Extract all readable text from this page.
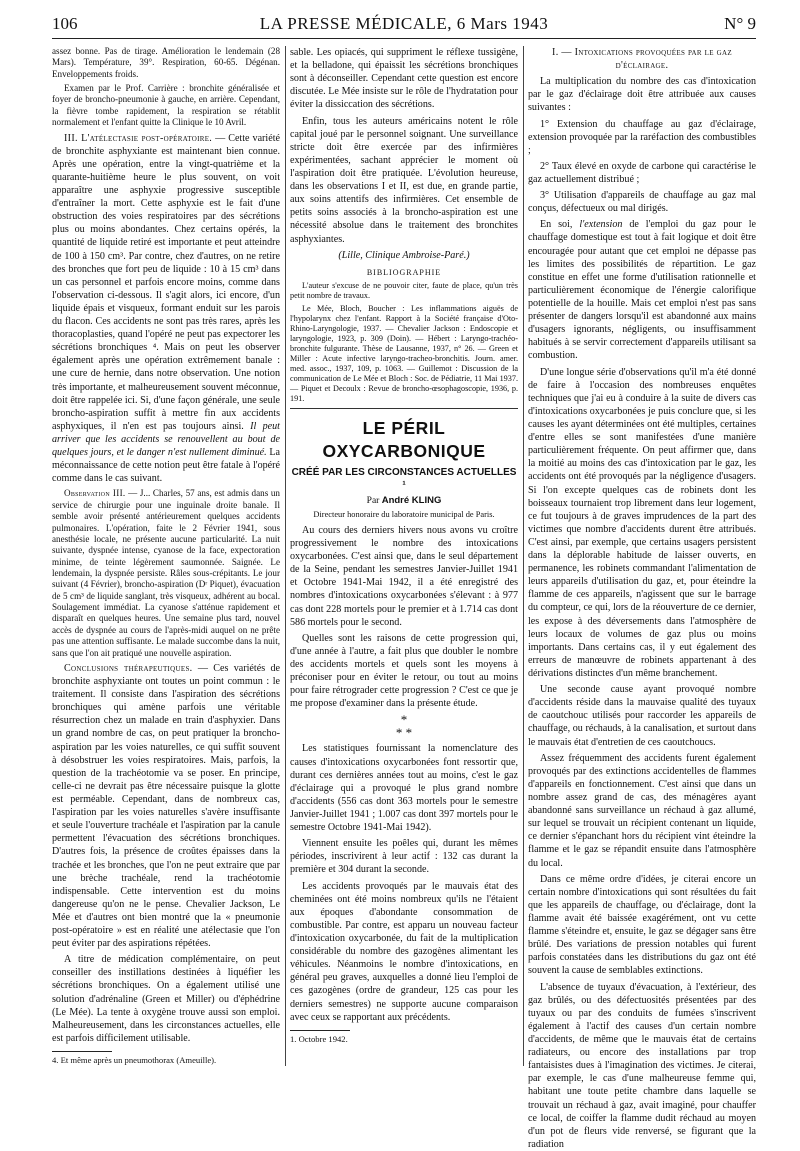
106	LA PRESSE MÉDICALE, 6 Mars 1943	N° 9

assez bonne. Pas de tirage. Amélioration le lendemain (28 Mars). Température, 39°. Respiration, 60-65. Dégénan. Enveloppements froids.

Examen par le Prof. Carrière : bronchite généralisée et foyer de broncho-pneumonie à gauche, en arrière. Cependant, la fièvre tombe rapidement, la respiration se rétablit normalement et l'enfant quitte la Clinique le 10 Avril.

III. L'atélectasie post-opératoire. — Cette variété de bronchite asphyxiante est maintenant bien connue. Après une opération, entre la vingt-quatrième et la quarante-huitième heure le plus souvent, on voit apparaître une asphyxie progressive susceptible d'entraîner la mort. Cette asphyxie est le fait d'une obstruction des voies respiratoires par des sécrétions plus ou moins abondantes. Chez certains opérés, la quantité de liquide retiré est importante et peut atteindre de 100 à 150 cm³. Par contre, chez d'autres, on ne retire des bronches que fort peu de liquide : 10 à 15 cm³ dans un cas personnel et parfois encore moins, comme dans l'observation ci-dessous. Il s'agit alors, ici encore, d'un liquide épais et visqueux, formant enduit sur les parois du flacon. Ces accidents ne sont pas très rares, après les thoracoplasties, quand l'opéré ne peut pas expectorer les sécrétions bronchiques ⁴. Mais on peut les observer également après une opération extrêmement banale : une cure de hernie, dans notre observation. Une notion très importante, et malheureusement souvent méconnue, doit être rappelée ici. Si, d'une façon générale, une seule broncho-aspiration suffit à mettre fin aux accidents asphyxiques, il n'en est pas toujours ainsi. Il peut arriver que les accidents se renouvellent au bout de quelques jours, et le danger n'est nullement diminué. La méconnaissance de cette notion peut être fatale à l'opéré comme dans le cas suivant.

Observation III. — J... Charles, 57 ans, est admis dans un service de chirurgie pour une inguinale droite banale. Il semble avoir présenté antérieurement quelques accidents pulmonaires. L'opération, faite le 2 Février 1941, sous anesthésie locale, ne présente aucune particularité. La nuit suivante, dyspnée intense, cyanose de la face, expectoration minime, de teinte légèrement saumonnée. Saignée. Le lendemain, la dyspnée persiste. Râles sous-crépitants. Le jour suivant (4 Février), broncho-aspiration (Dʳ Piquet), évacuation de 5 cm³ de liquide sanglant, très visqueux, adhérent au bocal. Soulagement immédiat. La cyanose s'atténue rapidement et disparaît en quelques heures. Une semaine plus tard, nouvel accès de dyspnée au cours de l'après-midi auquel on ne prête pas une attention suffisante. Le malade succombe dans la nuit, sans que l'on ait pratiqué une nouvelle aspiration.

Conclusions thérapeutiques. — Ces variétés de bronchite asphyxiante ont toutes un point commun : le traitement. Il consiste dans l'aspiration des sécrétions bronchiques qui amène parfois une véritable résurrection chez un malade en train d'asphyxier. Dans un grand nombre de cas, on peut pratiquer la broncho-aspiration par les voies naturelles, ce qui suffit souvent à désobstruer les voies respiratoires. Mais, parfois, la question de la trachéotomie va se poser. En principe, celle-ci ne devrait pas être nécessaire puisque la glotte est perméable. Cependant, dans de nombreux cas, l'aspiration par les voies naturelles s'avère insuffisante et seule l'ouverture trachéale et l'aspiration par la canule permettent l'évacuation des sécrétions bronchiques. D'autres fois, la présence de croûtes épaisses dans la trachée et les bronches, que l'on ne peut extraire que par une brèche trachéale, rend la trachéotomie indispensable. Cette intervention est du moins dangereuse qu'on ne le pense. Chevalier Jackson, Le Mée et d'autres ont bien montré que la « pneumonie post-opératoire » est en réalité une atélectasie que l'on peut éviter par des aspirations répétées.

A titre de médication complémentaire, on peut conseiller des instillations destinées à liquéfier les sécrétions bronchiques. On a également utilisé une solution d'adrénaline (Green et Miller) ou d'éphédrine (Le Mée). La tente à oxygène trouve aussi son emploi. Malheureusement, dans les circonstances actuelles, elle est parfois difficilement utilisable.

4. Et même après un pneumothorax (Ameuille).

sable. Les opiacés, qui suppriment le réflexe tussigène, et la belladone, qui épaissit les sécrétions bronchiques sont à déconseiller. Cependant cette question est encore discutée. Le Mée insiste sur le rôle de l'hydratation pour éviter la dissiccation des sécrétions.

Enfin, tous les auteurs américains notent le rôle capital joué par le personnel soignant. Une surveillance stricte doit être exercée par des infirmières expérimentées, sachant apprécier le moment où l'aspiration doit être pratiquée. L'évolution heureuse, dans les observations I et II, est due, en grande partie, aux soins attentifs des infirmières. Cet ensemble de petits soins associés à la broncho-aspiration est une nécessité absolue dans le traitement des bronchites asphyxiantes.

(Lille, Clinique Ambroise-Paré.)

BIBLIOGRAPHIE

L'auteur s'excuse de ne pouvoir citer, faute de place, qu'un très petit nombre de travaux.

Le Mée, Bloch, Boucher : Les inflammations aiguës de l'hypolarynx chez l'enfant. Rapport à la Société française d'Oto-Rhino-Laryngologie, 1937. — Chevalier Jackson : Endoscopie et laryngologie, 1923, p. 309 (Doin). — Hébert : Laryngo-trachéo-bronchite fulgurante. Thèse de Lausanne, 1937, n° 26. — Green et Miller : Acute infective laryngo-tracheo-bronchitis. Journ. amer. med. assoc., 1937, 109, p. 1063. — Guillemot : Discussion de la communication de Le Mée et Bloch : Soc. de Pédiatrie, 11 Mai 1937. — Piquet et Decoulx : Revue de broncho-œsophagoscopie, 1936, p. 191.

LE PÉRIL OXYCARBONIQUE

CRÉÉ PAR LES CIRCONSTANCES ACTUELLES ¹

Par André KLING

Directeur honoraire du laboratoire municipal de Paris.

Au cours des derniers hivers nous avons vu croître progressivement le nombre des intoxications oxycarbonées. C'est ainsi que, dans le seul département de la Seine, pendant les semestres Janvier-Juillet 1941 et Octobre 1941-Mai 1942, il a été enregistré des nombres d'intoxications oxycarbonées s'élevant : à 977 cas dont 228 mortels pour le premier et à 1.714 cas dont 586 mortels pour le second.

Quelles sont les raisons de cette progression qui, d'une année à l'autre, a fait plus que doubler le nombre des accidents mortels et quels sont les moyens à préconiser pour en éviter le retour, ou tout au moins pour faire rétrograder cette progression ? C'est ce que je me propose d'examiner dans la présente étude.

*
* *

Les statistiques fournissant la nomenclature des causes d'intoxications oxycarbonées font ressortir que, durant ces dernières années tout au moins, c'est le gaz d'éclairage qui a provoqué le plus grand nombre d'accidents (556 cas dont 363 mortels pour le semestre Janvier-Juillet 1941 ; 1.007 cas dont 397 mortels pour le semestre Octobre 1941-Mai 1942).

Viennent ensuite les poêles qui, durant les mêmes périodes, inscrivirent à leur actif : 132 cas durant la première et 304 durant la seconde.

Les accidents provoqués par le mauvais état des cheminées ont été moins nombreux qu'ils ne l'étaient aux époques d'abondante consommation de combustible. Par contre, est apparu un nouveau facteur d'intoxication oxycarbonée, du fait de la multiplication considérable du nombre des gazogènes alimentant les véhicules. Néanmoins le nombre d'intoxications, en général peu graves, auxquelles a donné lieu l'emploi de ces gazogènes (ordre de grandeur, 125 cas pour les derniers semestres) ne supporte aucune comparaison avec ceux se rapportant aux précédents.

1. Octobre 1942.

I. — Intoxications provoquées par le gaz d'éclairage.

La multiplication du nombre des cas d'intoxication par le gaz d'éclairage doit être attribuée aux causes suivantes :

1° Extension du chauffage au gaz d'éclairage, extension provoquée par la raréfaction des combustibles ;

2° Taux élevé en oxyde de carbone qui caractérise le gaz actuellement distribué ;

3° Utilisation d'appareils de chauffage au gaz mal conçus, défectueux ou mal dirigés.

En soi, l'extension de l'emploi du gaz pour le chauffage domestique est tout à fait logique et doit être encouragée pour autant que cet emploi ne dépasse pas les limites des possibilités de répartition. Le gaz constitue en effet une forme d'utilisation rationnelle et particulièrement économique de l'énergie calorifique potentielle de la houille. Mais cet emploi n'est pas sans présenter de dangers lorsqu'il est abandonné aux mains d'usagers ignorants, négligents, ou insuffisamment habitués à se servir correctement d'appareils utilisant sa combustion.

D'une longue série d'observations qu'il m'a été donné de faire à l'occasion des nombreuses enquêtes techniques que j'ai eu à conduire à la suite de divers cas d'intoxications oxycarbonées je puis conclure que, si les causes les ayant déterminées ont été multiples, certaines d'entre elles se sont manifestées d'une manière particulièrement fréquente. On peut affirmer que, dans la moitié au moins des cas d'intoxication par le gaz, les accidents ont été provoqués par la négligence d'usagers. Si l'on excepte quelques cas de robinets dont les boisseaux tournaient trop librement dans leur logement, ce fut toujours à de graves imprudences de la part des victimes que nombre d'accidents durent être attribués. C'est ainsi, par exemple, que certains usagers persistent dans la déplorable habitude de laisser ouverts, en permanence, les robinets commandant l'alimentation de leurs appareils d'utilisation du gaz, et, pour éteindre la flamme de ces appareils, n'agissent que sur le barrage du compteur, ce qui, lors de la réouverture de ce dernier, les expose à des déversements dans l'atmosphère de leurs locaux de volumes de gaz plus ou moins importants. Dans certains cas, il y eut également des erreurs de manœuvre de robinets appartenant à des dérivations distinctes d'un même branchement.

Une seconde cause ayant provoqué nombre d'accidents réside dans la mauvaise qualité des tuyaux de caoutchouc utilisés pour raccorder les appareils de chauffage, ou réchauds, à la canalisation, et surtout dans le mauvais état d'entretien de ces caoutchoucs.

Assez fréquemment des accidents furent également provoqués par des extinctions accidentelles de flammes d'appareils en fonctionnement. C'est ainsi que dans un nombre assez grand de cas, des ménagères ayant abandonné sans surveillance un réchaud à gaz allumé, sur lequel se trouvait un récipient contenant un liquide, ce dernier s'épanchant hors du récipient vint éteindre la flamme et le gaz se répandit ensuite dans l'atmosphère du local.

Dans ce même ordre d'idées, je citerai encore un certain nombre d'intoxications qui sont résultées du fait que les appareils de chauffage, ou d'éclairage, dont la flamme avait été baissée exagérément, ont vu cette flamme s'éteindre et, ensuite, le gaz se dégager sans être brûlé. Des variations de pression notables qui furent parfois constatées dans les distributions du gaz ont été souvent la cause de semblables extinctions.

L'absence de tuyaux d'évacuation, à l'extérieur, des gaz brûlés, ou des défectuosités présentées par des tuyaux ou par des conduits de fumées s'inscrivent également à l'actif des causes d'un certain nombre d'accidents, de même que le mauvais état de certains radiateurs, ou encore des installations par trop fantaisistes dues à l'imagination des victimes. Je citerai, par exemple, le cas d'une malheureuse femme qui, habitant une toute petite chambre dans laquelle se trouvait un réchaud à gaz, avait imaginé, pour chauffer ce local, de coiffer la flamme dudit réchaud au moyen d'un pot de fleurs vide renversé, se figurant que la radiation
